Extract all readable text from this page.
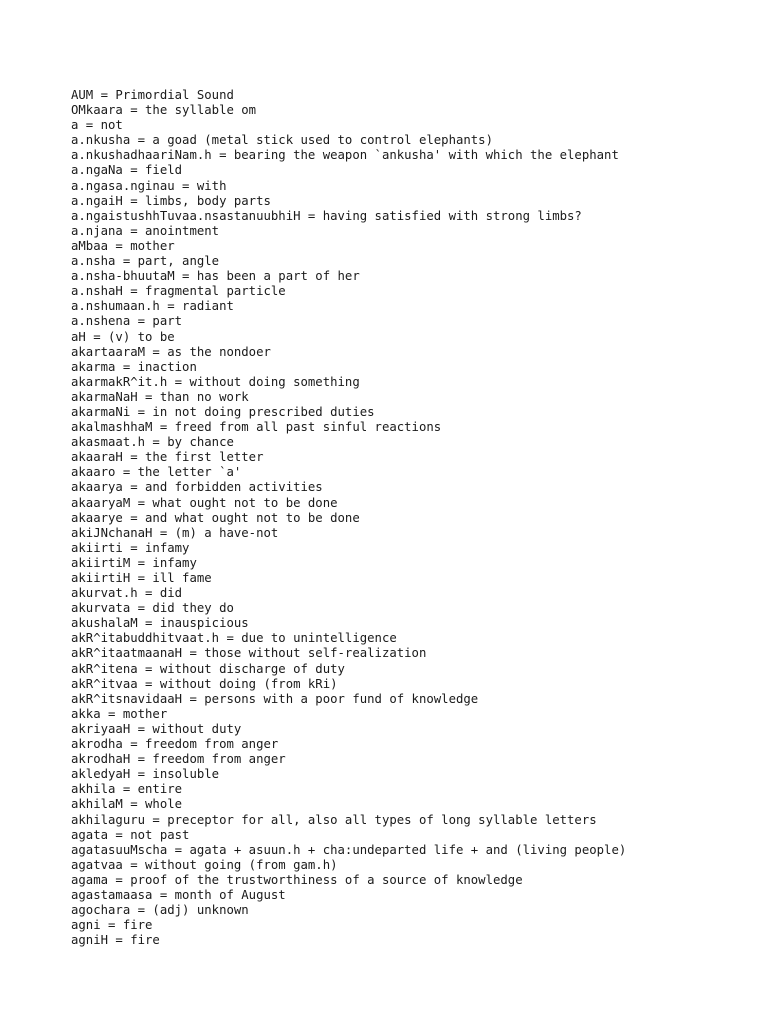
AUM = Primordial Sound
OMkaara = the syllable om
a = not
a.nkusha = a goad (metal stick used to control elephants)
a.nkushadhaariNam.h = bearing the weapon `ankusha' with which the elephant
a.ngaNa = field
a.ngasa.nginau = with
a.ngaiH = limbs, body parts
a.ngaistushhTuvaa.nsastanuubhiH = having satisfied with strong limbs?
a.njana = anointment
aMbaa = mother
a.nsha = part, angle
a.nsha-bhuutaM = has been a part of her
a.nshaH = fragmental particle
a.nshumaan.h = radiant
a.nshena = part
aH = (v) to be
akartaaraM = as the nondoer
akarma = inaction
akarmakR^it.h = without doing something
akarmaNaH = than no work
akarmaNi = in not doing prescribed duties
akalmashhaM = freed from all past sinful reactions
akasmaat.h = by chance
akaaraH = the first letter
akaaro = the letter `a'
akaarya = and forbidden activities
akaaryaM = what ought not to be done
akaarye = and what ought not to be done
akiJNchanaH = (m) a have-not
akiirti = infamy
akiirtiM = infamy
akiirtiH = ill fame
akurvat.h = did
akurvata = did they do
akushalaM = inauspicious
akR^itabuddhitvaat.h = due to unintelligence
akR^itaatmaanaH = those without self-realization
akR^itena = without discharge of duty
akR^itvaa = without doing (from kRi)
akR^itsnavidaaH = persons with a poor fund of knowledge
akka = mother
akriyaaH = without duty
akrodha = freedom from anger
akrodhaH = freedom from anger
akledyaH = insoluble
akhila = entire
akhilaM = whole
akhilaguru = preceptor for all, also all types of long syllable letters
agata = not past
agatasuuMscha = agata + asuun.h + cha:undeparted life + and (living people)
agatvaa = without going (from gam.h)
agama = proof of the trustworthiness of a source of knowledge
agastamaasa = month of August
agochara = (adj) unknown
agni = fire
agniH = fire
